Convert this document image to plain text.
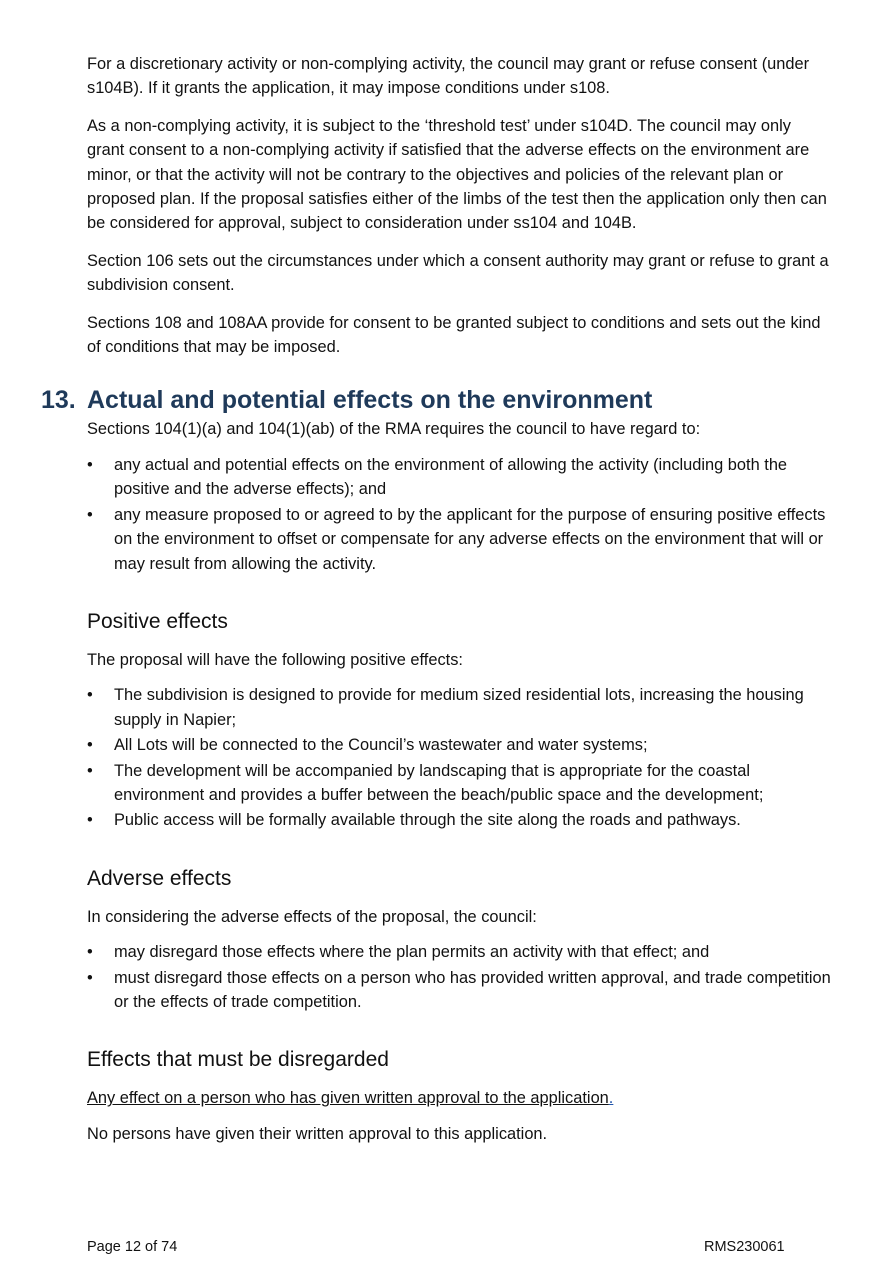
For a discretionary activity or non-complying activity, the council may grant or refuse consent (under s104B). If it grants the application, it may impose conditions under s108.

As a non-complying activity, it is subject to the ‘threshold test’ under s104D. The council may only grant consent to a non-complying activity if satisfied that the adverse effects on the environment are minor, or that the activity will not be contrary to the objectives and policies of the relevant plan or proposed plan. If the proposal satisfies either of the limbs of the test then the application only then can be considered for approval, subject to consideration under ss104 and 104B.

Section 106 sets out the circumstances under which a consent authority may grant or refuse to grant a subdivision consent.

Sections 108 and 108AA provide for consent to be granted subject to conditions and sets out the kind of conditions that may be imposed.

13. Actual and potential effects on the environment

Sections 104(1)(a) and 104(1)(ab) of the RMA requires the council to have regard to:

• any actual and potential effects on the environment of allowing the activity (including both the positive and the adverse effects); and
• any measure proposed to or agreed to by the applicant for the purpose of ensuring positive effects on the environment to offset or compensate for any adverse effects on the environment that will or may result from allowing the activity.
Positive effects

The proposal will have the following positive effects:

• The subdivision is designed to provide for medium sized residential lots, increasing the housing supply in Napier;
• All Lots will be connected to the Council’s wastewater and water systems;
• The development will be accompanied by landscaping that is appropriate for the coastal environment and provides a buffer between the beach/public space and the development;
• Public access will be formally available through the site along the roads and pathways.
Adverse effects

In considering the adverse effects of the proposal, the council:

• may disregard those effects where the plan permits an activity with that effect; and
• must disregard those effects on a person who has provided written approval, and trade competition or the effects of trade competition.
Effects that must be disregarded

Any effect on a person who has given written approval to the application.

No persons have given their written approval to this application.

Page 12 of 74	RMS230061
